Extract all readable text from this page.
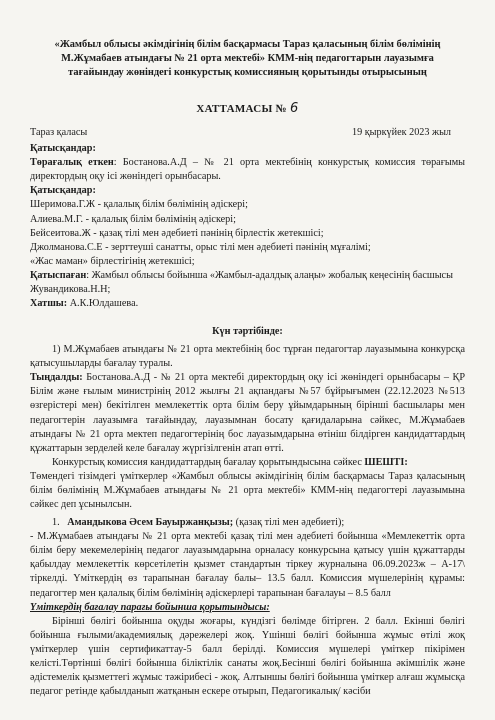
«Жамбыл облысы әкімдігінің білім басқармасы Тараз қаласының білім бөлімінің М.Жұмабаев атындағы № 21 орта мектебі» КММ-нің педагогтарын лауазымға тағайындау жөніндегі конкурстық комиссияның қорытынды отырысының
ХАТТАМАСЫ № 6
Тараз қаласы	19 қыркүйек 2023 жыл

Қатысқандар:

Төрағалық еткен: Бостанова.А.Д – № 21 орта мектебінің конкурстық комиссия төрағымы директордың оқу ісі жөніндегі орынбасары.

Қатысқандар:

Шеримова.Г.Ж - қалалық білім бөлімінің әдіскері;

Алиева.М.Г. - қалалық білім бөлімінің әдіскері;

Бейсеитова.Ж - қазақ тілі мен әдебиеті пәнінің бірлестік жетекшісі;

Джолманова.С.Е - зерттеуші санатты, орыс тілі мен әдебиеті пәнінің мұғалімі;

«Жас маман» бірлестігінің жетекшісі;

Қатыспаған: Жамбыл облысы бойынша «Жамбыл-адалдық алаңы» жобалық кеңесінің басшысы Жувандикова.Н.Н;

Хатшы: А.К.Юлдашева.

Күн тәртібінде:

1) М.Жұмабаев атындағы № 21 орта мектебінің бос тұрған педагогтар лауазымына конкурсқа қатысушыларды бағалау туралы.

Тыңдалды: Бостанова.А.Д - № 21 орта мектебі директордың оқу ісі жөніндегі орынбасары – ҚР Білім және ғылым министрінің 2012 жылғы 21 ақпандағы №57 бұйрығымен (22.12.2023 №513 өзгерістері мен) бекітілген мемлекеттік орта білім беру ұйымдарының бірінші басшылары мен педагогтерін лауазымға тағайындау, лауазымнан босату қағидаларына сәйкес, М.Жұмабаев атындағы № 21 орта мектеп педагогтерінің бос лауазымдарына өтініш білдірген кандидаттардың құжаттарын зерделей келе бағалау жүргізілгенін атап өтті.

Конкурстық комиссия кандидаттардың бағалау қорытындысына сәйкес ШЕШТІ:

Төмендегі тізімдегі үміткерлер «Жамбыл облысы әкімдігінің білім басқармасы Тараз қаласының білім бөлімінің М.Жұмабаев атындағы № 21 орта мектебі» КММ-нің педагогтері лауазымына сәйкес деп ұсынылсын.

1. Амандыкова Әсем Бауыржанқызы; (қазақ тілі мен әдебиеті);

- М.Жұмабаев атындағы № 21 орта мектебі қазақ тілі мен әдебиеті бойынша «Мемлекеттік орта білім беру мекемелерінің педагог лауазымдарына орналасу конкурсына қатысу үшін құжаттарды қабылдау мемлекеттік көрсетілетін қызмет стандартын тіркеу журналына 06.09.2023ж – А-17\ тіркелді. Үміткердің өз тарапынан бағалау балы– 13.5 балл. Комиссия мүшелерінің құрамы: педагогтер мен қалалық білім бөлімінің әдіскерлері тарапынан бағалауы – 8.5 балл

Үміткердің бағалау парағы бойынша қорытындысы:

Бірінші бөлігі бойынша оқуды жоғары, күндізгі бөлімде бітірген. 2 балл. Екінші бөлігі бойынша ғылыми/академиялық дәрежелері жоқ. Үшінші бөлігі бойынша жұмыс өтілі жоқ үміткерлер үшін сертификаттау-5 балл берілді. Комиссия мүшелері үміткер пікірімен келісті.Төртінші бөлігі бойынша біліктілік санаты жоқ.Бесінші бөлігі бойынша әкімшілік және әдістемелік қызметтегі жұмыс тәжірибесі - жоқ. Алтыншы бөлігі бойынша үміткер алғаш жұмысқа педагог ретінде қабылданып жатқанын ескере отырып, Педагогикалық/ кәсіби
